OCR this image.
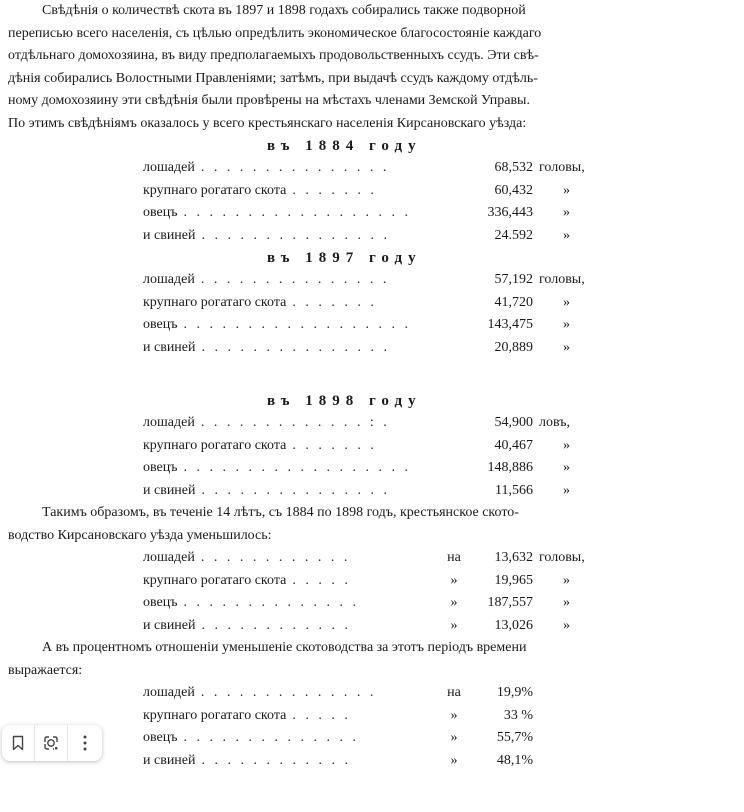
Свѣдѣнія о количествѣ скота въ 1897 и 1898 годахъ собирались также подворной
переписью всего населенія, съ цѣлью опредѣлить экономическое благосостояніе каждаго
отдѣльнаго домохозяина, въ виду предполагаемыхъ продовольственныхъ ссудъ. Эти свѣ-
дѣнія собирались Волостными Правленіями; затѣмъ, при выдачѣ ссудъ каждому отдѣль-
ному домохозяину эти свѣдѣнія были провѣрены на мѣстахъ членами Земской Управы.
По этимъ свѣдѣніямъ оказалось у всего крестьянскаго населенія Кирсановскаго уѣзда:
въ 1884 году
лошадей . . . . . . . . . . . . . . .	68,532 головы,
крупнаго рогатаго скота . . . . . . .	60,432	»
овецъ . . . . . . . . . . . . . . . . . .	336,443	»
и свиней . . . . . . . . . . . . . . .	24.592	»
въ 1897 году
лошадей . . . . . . . . . . . . . . .	57,192 головы,
крупнаго рогатаго скота . . . . . . .	41,720	»
овецъ . . . . . . . . . . . . . . . . . .	143,475	»
и свиней . . . . . . . . . . . . . . .	20,889	»
въ 1898 году
лошадей . . . . . . . . . . . . . : .	54,900 ловъ,
крупнаго рогатаго скота . . . . . . .	40,467	»
овецъ . . . . . . . . . . . . . . . . . .	148,886	»
и свиней . . . . . . . . . . . . . . .	11,566	»
Такимъ образомъ, въ теченіе 14 лѣтъ, съ 1884 по 1898 годъ, крестьянское ското-
водство Кирсановскаго уѣзда уменьшилось:
лошадей . . . . . . . . . . . .	на	13,632 головы,
крупнаго рогатаго скота . . . . .	»	19,965	»
овецъ . . . . . . . . . . . . . .	»	187,557	»
и свиней . . . . . . . . . . . .	»	13,026	»
А въ процентномъ отношеніи уменьшеніе скотоводства за этотъ періодъ времени
выражается:
лошадей . . . . . . . . . . . . . .	на	19,9%
крупнаго рогатаго скота . . . . .	»	33 %
овецъ . . . . . . . . . . . . . .	»	55,7%
и свиней . . . . . . . . . . . .	»	48,1%
